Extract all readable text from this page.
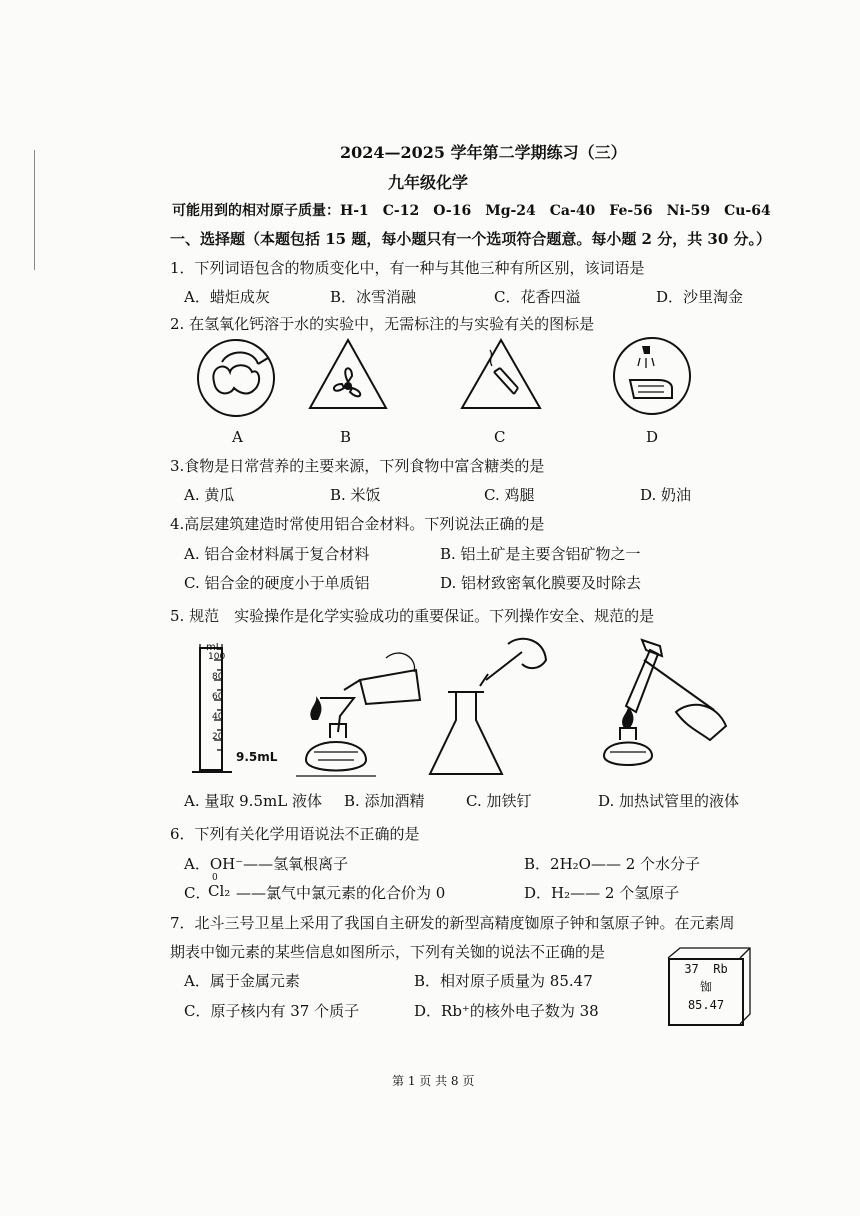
2024—2025 学年第二学期练习（三）
九年级化学
可能用到的相对原子质量：H-1　C-12　O-16　Mg-24　Ca-40　Fe-56　Ni-59　Cu-64
一、选择题（本题包括 15 题，每小题只有一个选项符合题意。每小题 2 分，共 30 分。）
1．下列词语包含的物质变化中，有一种与其他三种有所区别，该词语是
A．蜡炬成灰	B．冰雪消融	C．花香四溢	D．沙里淘金
2. 在氢氧化钙溶于水的实验中，无需标注的与实验有关的图标是
A	B	C	D
3.食物是日常营养的主要来源，下列食物中富含糖类的是
A. 黄瓜	B. 米饭	C. 鸡腿	D. 奶油
4.高层建筑建造时常使用铝合金材料。下列说法正确的是
A. 铝合金材料属于复合材料	B. 铝土矿是主要含铝矿物之一
C. 铝合金的硬度小于单质铝	D. 铝材致密氧化膜要及时除去
5. 规范　实验操作是化学实验成功的重要保证。下列操作安全、规范的是
mL
100
80
60
40
20
9.5mL
A. 量取 9.5mL 液体 B. 添加酒精	C. 加铁钉	D. 加热试管里的液体
6．下列有关化学用语说法不正确的是
A．OH⁻——氢氧根离子	B．2H₂O—— 2 个水分子
C．
0
Cl₂ ——氯气中氯元素的化合价为 0	D．H₂—— 2 个氢原子
7．北斗三号卫星上采用了我国自主研发的新型高精度铷原子钟和氢原子钟。在元素周
期表中铷元素的某些信息如图所示，下列有关铷的说法不正确的是
A．属于金属元素	B．相对原子质量为 85.47
C．原子核内有 37 个质子	D．Rb⁺的核外电子数为 38
37 Rb
铷
85.47
第 1 页 共 8 页
